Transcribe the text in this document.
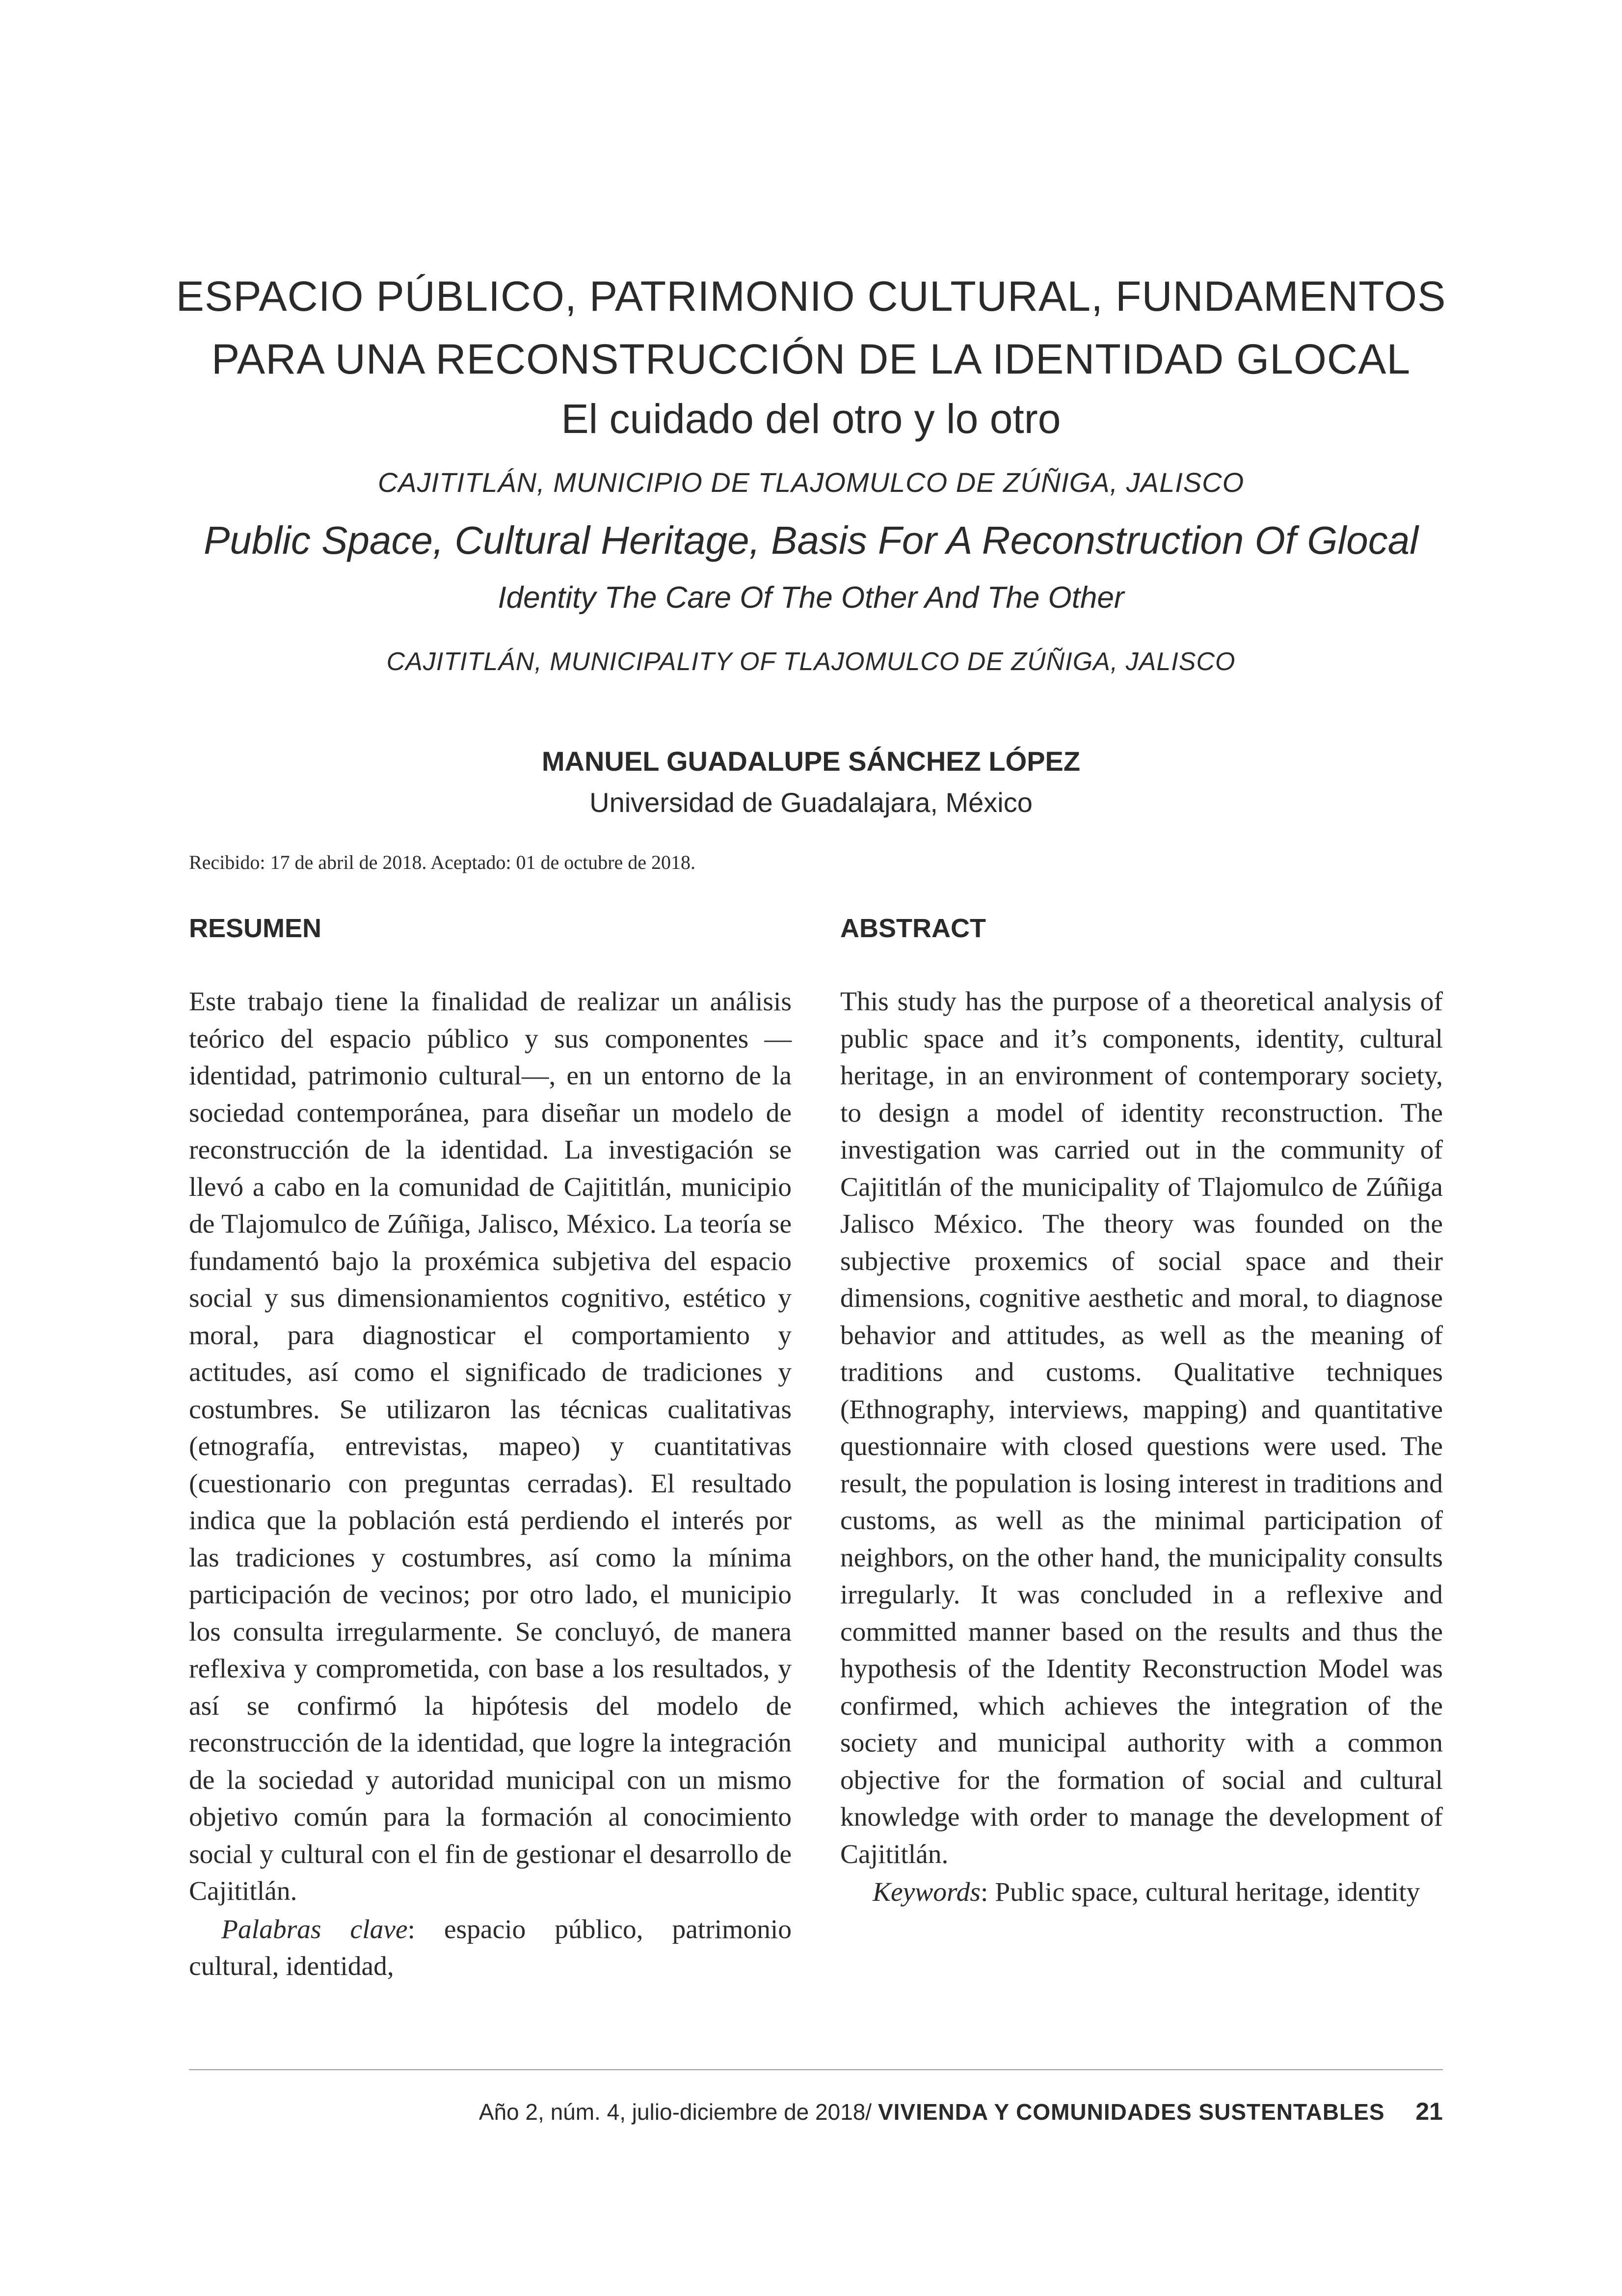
ESPACIO PÚBLICO, PATRIMONIO CULTURAL, FUNDAMENTOS
PARA UNA RECONSTRUCCIÓN DE LA IDENTIDAD GLOCAL
El cuidado del otro y lo otro
CAJITITLÁN, MUNICIPIO DE TLAJOMULCO DE ZÚÑIGA, JALISCO
Public Space, Cultural Heritage, Basis For A Reconstruction Of Glocal
Identity The Care Of The Other And The Other
CAJITITLÁN, MUNICIPALITY OF TLAJOMULCO DE ZÚÑIGA, JALISCO
MANUEL GUADALUPE SÁNCHEZ LÓPEZ
Universidad de Guadalajara, México
Recibido: 17 de abril de 2018. Aceptado: 01 de octubre de 2018.
RESUMEN	ABSTRACT

Este trabajo tiene la finalidad de realizar un análisis teórico del espacio público y sus componentes —identidad, patrimonio cultural—, en un entorno de la sociedad contemporánea, para diseñar un modelo de reconstrucción de la identidad. La investigación se llevó a cabo en la comunidad de Cajititlán, municipio de Tlajomulco de Zúñiga, Jalisco, México. La teoría se fundamentó bajo la proxémica subjetiva del espacio social y sus dimensionamientos cognitivo, estético y moral, para diagnosticar el comportamiento y actitudes, así como el significado de tradiciones y costumbres. Se utilizaron las técnicas cualitativas (etnografía, entrevistas, mapeo) y cuantitativas (cuestionario con preguntas cerradas). El resultado indica que la población está perdiendo el interés por las tradiciones y costumbres, así como la mínima participación de vecinos; por otro lado, el municipio los consulta irregularmente. Se concluyó, de manera reflexiva y comprometida, con base a los resultados, y así se confirmó la hipótesis del modelo de reconstrucción de la identidad, que logre la integración de la sociedad y autoridad municipal con un mismo objetivo común para la formación al conocimiento social y cultural con el fin de gestionar el desarrollo de Cajititlán.

Palabras clave: espacio público, patrimonio cultural, identidad,

This study has the purpose of a theoretical analysis of public space and it’s components, identity, cultural heritage, in an environment of contemporary society, to design a model of identity reconstruction. The investigation was carried out in the community of Cajititlán of the municipality of Tlajomulco de Zúñiga Jalisco México. The theory was founded on the subjective proxemics of social space and their dimensions, cognitive aesthetic and moral, to diagnose behavior and attitudes, as well as the meaning of traditions and customs. Qualitative techniques (Ethnography, interviews, mapping) and quantitative questionnaire with closed questions were used. The result, the population is losing interest in traditions and customs, as well as the minimal participation of neighbors, on the other hand, the municipality consults irregularly. It was concluded in a reflexive and committed manner based on the results and thus the hypothesis of the Identity Reconstruction Model was confirmed, which achieves the integration of the society and municipal authority with a common objective for the formation of social and cultural knowledge with order to manage the development of Cajititlán.

Keywords: Public space, cultural heritage, identity

Año 2, núm. 4, julio-diciembre de 2018/ VIVIENDA Y COMUNIDADES SUSTENTABLES 21
